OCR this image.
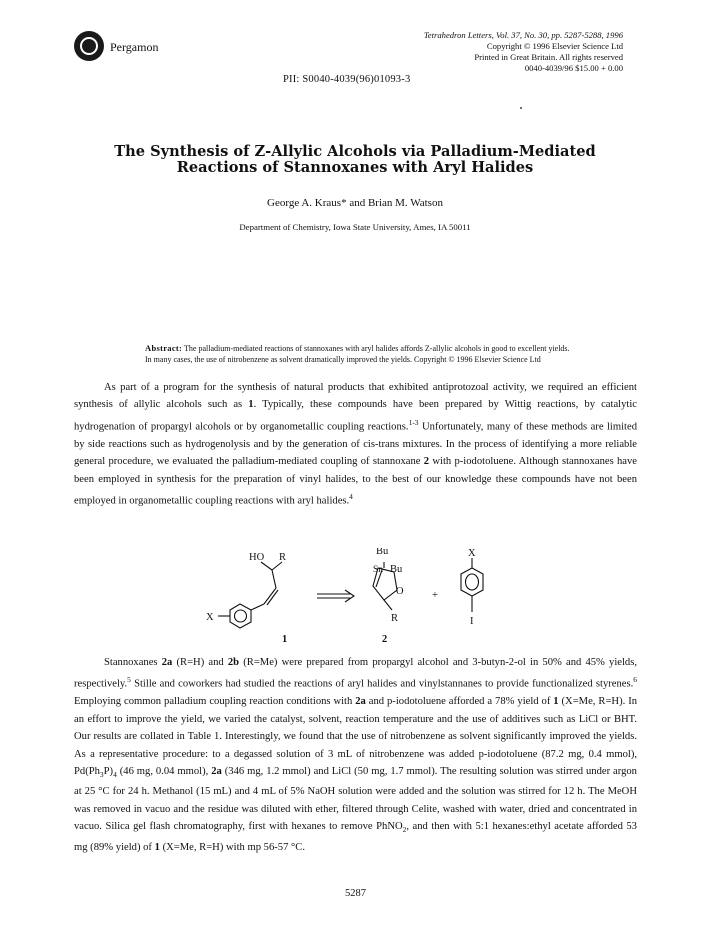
Pergamon
Tetrahedron Letters, Vol. 37, No. 30, pp. 5287-5288, 1996
Copyright © 1996 Elsevier Science Ltd
Printed in Great Britain. All rights reserved
0040-4039/96 $15.00 + 0.00
PII: S0040-4039(96)01093-3
The Synthesis of Z-Allylic Alcohols via Palladium-Mediated
Reactions of Stannoxanes with Aryl Halides
George A. Kraus* and Brian M. Watson
Department of Chemistry, Iowa State University, Ames, IA 50011
Abstract: The palladium-mediated reactions of stannoxanes with aryl halides affords Z-allylic alcohols in good to excellent yields. In many cases, the use of nitrobenzene as solvent dramatically improved the yields. Copyright © 1996 Elsevier Science Ltd

As part of a program for the synthesis of natural products that exhibited antiprotozoal activity, we required an efficient synthesis of allylic alcohols such as 1. Typically, these compounds have been prepared by Wittig reactions, by catalytic hydrogenation of propargyl alcohols or by organometallic coupling reactions.$^{1-3}$ Unfortunately, many of these methods are limited by side reactions such as hydrogenolysis and by the generation of cis-trans mixtures. In the process of identifying a more reliable general procedure, we evaluated the palladium-mediated coupling of stannoxane 2 with p-iodotoluene. Although stannoxanes have been employed in synthesis for the preparation of vinyl halides, to the best of our knowledge these compounds have not been employed in organometallic coupling reactions with aryl halides.$^4$

HO R
X
1
Bu
Bu
Sn
O
R
2
+
X
I

Stannoxanes 2a (R=H) and 2b (R=Me) were prepared from propargyl alcohol and 3-butyn-2-ol in 50% and 45% yields, respectively.$^5$ Stille and coworkers had studied the reactions of aryl halides and vinylstannanes to provide functionalized styrenes.$^6$ Employing common palladium coupling reaction conditions with 2a and p-iodotoluene afforded a 78% yield of 1 (X=Me, R=H). In an effort to improve the yield, we varied the catalyst, solvent, reaction temperature and the use of additives such as LiCl or BHT. Our results are collated in Table 1. Interestingly, we found that the use of nitrobenzene as solvent significantly improved the yields. As a representative procedure: to a degassed solution of 3 mL of nitrobenzene was added p-iodotoluene (87.2 mg, 0.4 mmol), $Pd(Ph_3P)_4$ (46 mg, 0.04 mmol), 2a (346 mg, 1.2 mmol) and LiCl (50 mg, 1.7 mmol). The resulting solution was stirred under argon at 25 °C for 24 h. Methanol (15 mL) and 4 mL of 5% NaOH solution were added and the solution was stirred for 12 h. The MeOH was removed in vacuo and the residue was diluted with ether, filtered through Celite, washed with water, dried and concentrated in vacuo. Silica gel flash chromatography, first with hexanes to remove PhNO$_2$, and then with 5:1 hexanes:ethyl acetate afforded 53 mg (89% yield) of 1 (X=Me, R=H) with mp 56-57 °C.

5287
